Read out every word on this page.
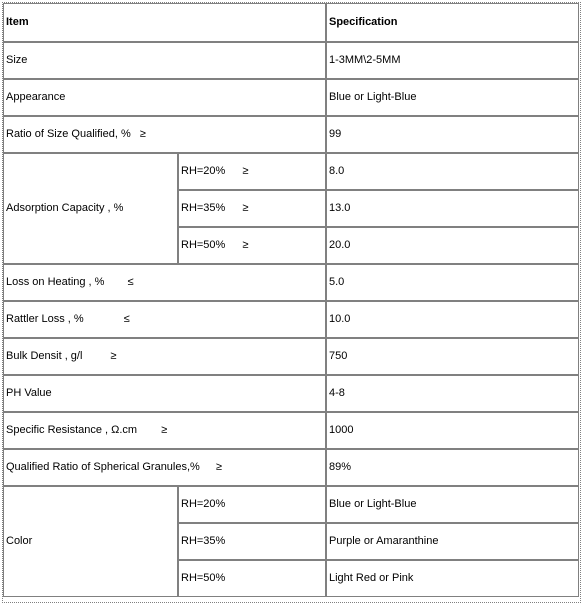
Item		Specification
Size		1-3MM\2-5MM
Appearance		Blue or Light-Blue
Ratio of Size Qualified, % ≥		99
Adsorption Capacity , %	RH=20% ≥	8.0
	RH=35% ≥	13.0
	RH=50% ≥	20.0
Loss on Heating , % ≤		5.0
Rattler Loss , % ≤		10.0
Bulk Densit , g/l ≥		750
PH Value		4-8
Specific Resistance , Ω.cm ≥		1000
Qualified Ratio of Spherical Granules,% ≥		89%
Color	RH=20%	Blue or Light-Blue
	RH=35%	Purple or Amaranthine
	RH=50%	Light Red or Pink
